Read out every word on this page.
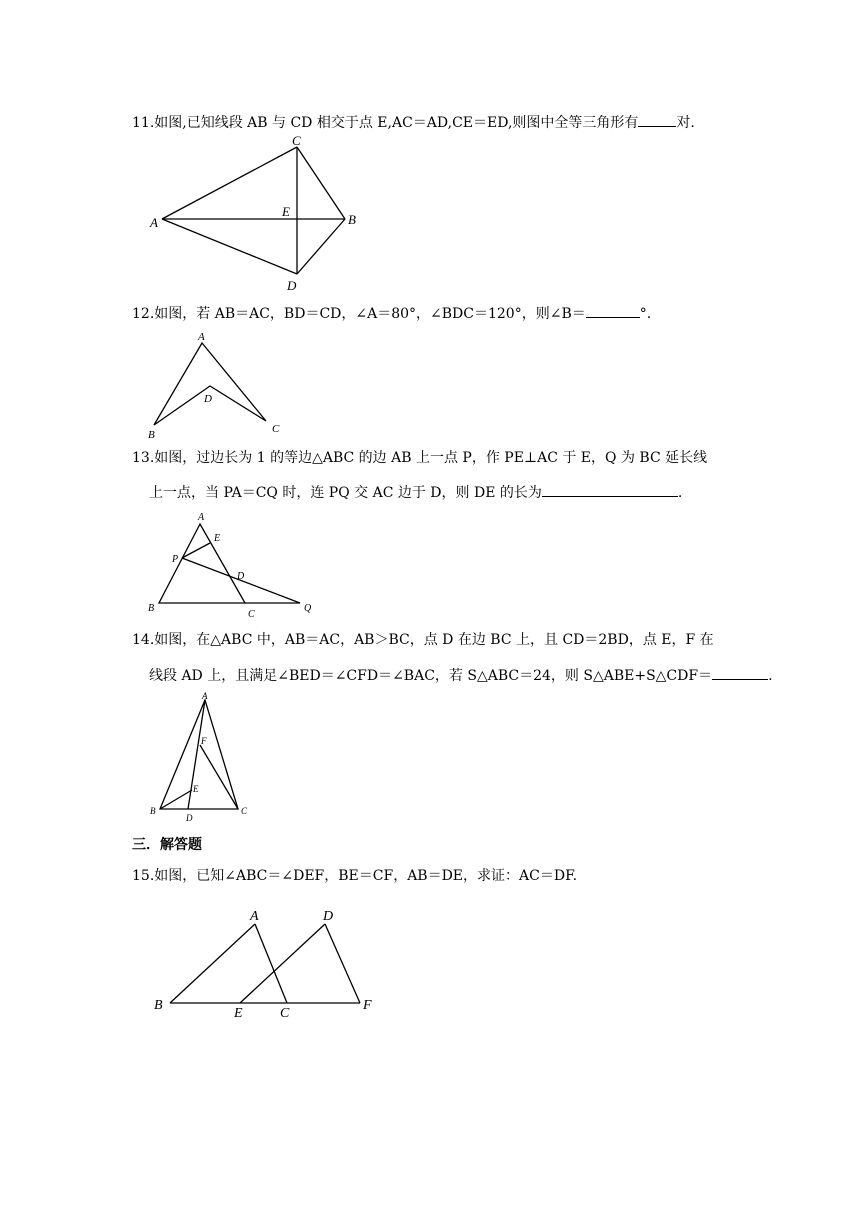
11.如图,已知线段 AB 与 CD 相交于点 E,AC＝AD,CE＝ED,则图中全等三角形有	对.
C
A
E
B
D
12.如图，若 AB＝AC，BD＝CD，∠A＝80°，∠BDC＝120°，则∠B＝	°.
A
D
B	C
13.如图，过边长为 1 的等边△ABC 的边 AB 上一点 P，作 PE⊥AC 于 E，Q 为 BC 延长线
上一点，当 PA＝CQ 时，连 PQ 交 AC 边于 D，则 DE 的长为	.
A
E
P
D
B
C
Q
14.如图，在△ABC 中，AB＝AC，AB＞BC，点 D 在边 BC 上，且 CD＝2BD，点 E，F 在
线段 AD 上，且满足∠BED＝∠CFD＝∠BAC，若 S△ABC＝24，则 S△ABE+S△CDF＝	.
A
F
E
B
D
C
三．解答题
15.如图，已知∠ABC＝∠DEF，BE＝CF，AB＝DE，求证：AC＝DF.
A	D
B
E	C
F
